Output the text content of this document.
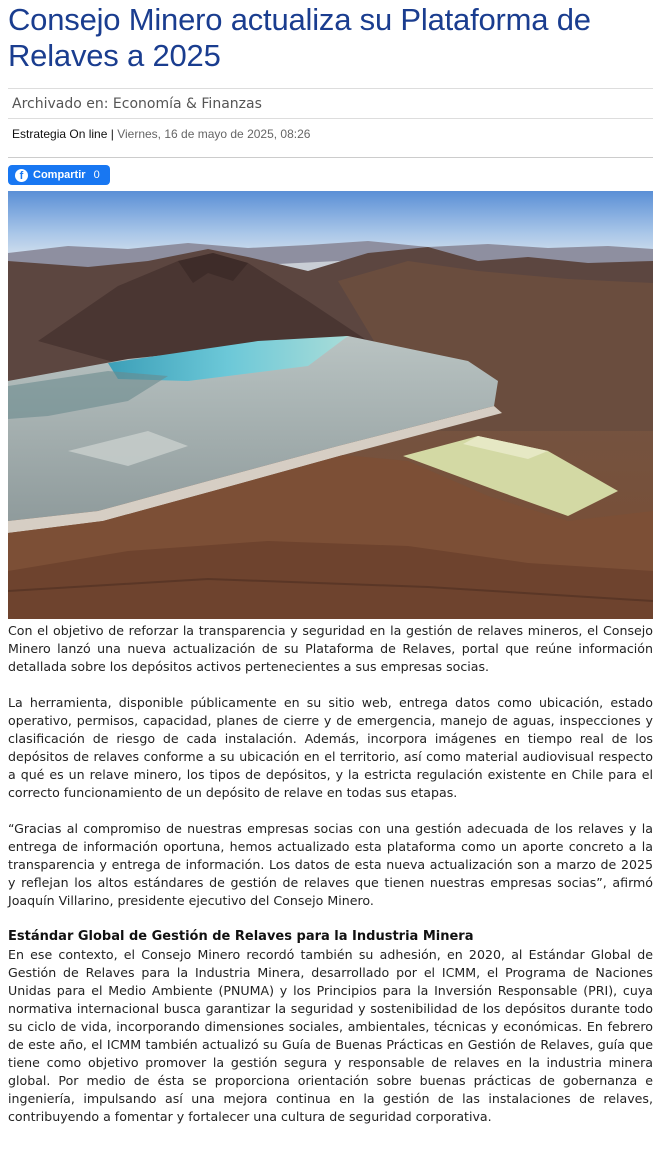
Consejo Minero actualiza su Plataforma de Relaves a 2025
Archivado en: Economía & Finanzas
Estrategia On line | Viernes, 16 de mayo de 2025, 08:26
f Compartir 0

Con el objetivo de reforzar la transparencia y seguridad en la gestión de relaves mineros, el Consejo Minero lanzó una nueva actualización de su Plataforma de Relaves, portal que reúne información detallada sobre los depósitos activos pertenecientes a sus empresas socias.

La herramienta, disponible públicamente en su sitio web, entrega datos como ubicación, estado operativo, permisos, capacidad, planes de cierre y de emergencia, manejo de aguas, inspecciones y clasificación de riesgo de cada instalación. Además, incorpora imágenes en tiempo real de los depósitos de relaves conforme a su ubicación en el territorio, así como material audiovisual respecto a qué es un relave minero, los tipos de depósitos, y la estricta regulación existente en Chile para el correcto funcionamiento de un depósito de relave en todas sus etapas.

“Gracias al compromiso de nuestras empresas socias con una gestión adecuada de los relaves y la entrega de información oportuna, hemos actualizado esta plataforma como un aporte concreto a la transparencia y entrega de información. Los datos de esta nueva actualización son a marzo de 2025 y reflejan los altos estándares de gestión de relaves que tienen nuestras empresas socias”, afirmó Joaquín Villarino, presidente ejecutivo del Consejo Minero.

Estándar Global de Gestión de Relaves para la Industria Minera

En ese contexto, el Consejo Minero recordó también su adhesión, en 2020, al Estándar Global de Gestión de Relaves para la Industria Minera, desarrollado por el ICMM, el Programa de Naciones Unidas para el Medio Ambiente (PNUMA) y los Principios para la Inversión Responsable (PRI), cuya normativa internacional busca garantizar la seguridad y sostenibilidad de los depósitos durante todo su ciclo de vida, incorporando dimensiones sociales, ambientales, técnicas y económicas. En febrero de este año, el ICMM también actualizó su Guía de Buenas Prácticas en Gestión de Relaves, guía que tiene como objetivo promover la gestión segura y responsable de relaves en la industria minera global. Por medio de ésta se proporciona orientación sobre buenas prácticas de gobernanza e ingeniería, impulsando así una mejora continua en la gestión de las instalaciones de relaves, contribuyendo a fomentar y fortalecer una cultura de seguridad corporativa.
